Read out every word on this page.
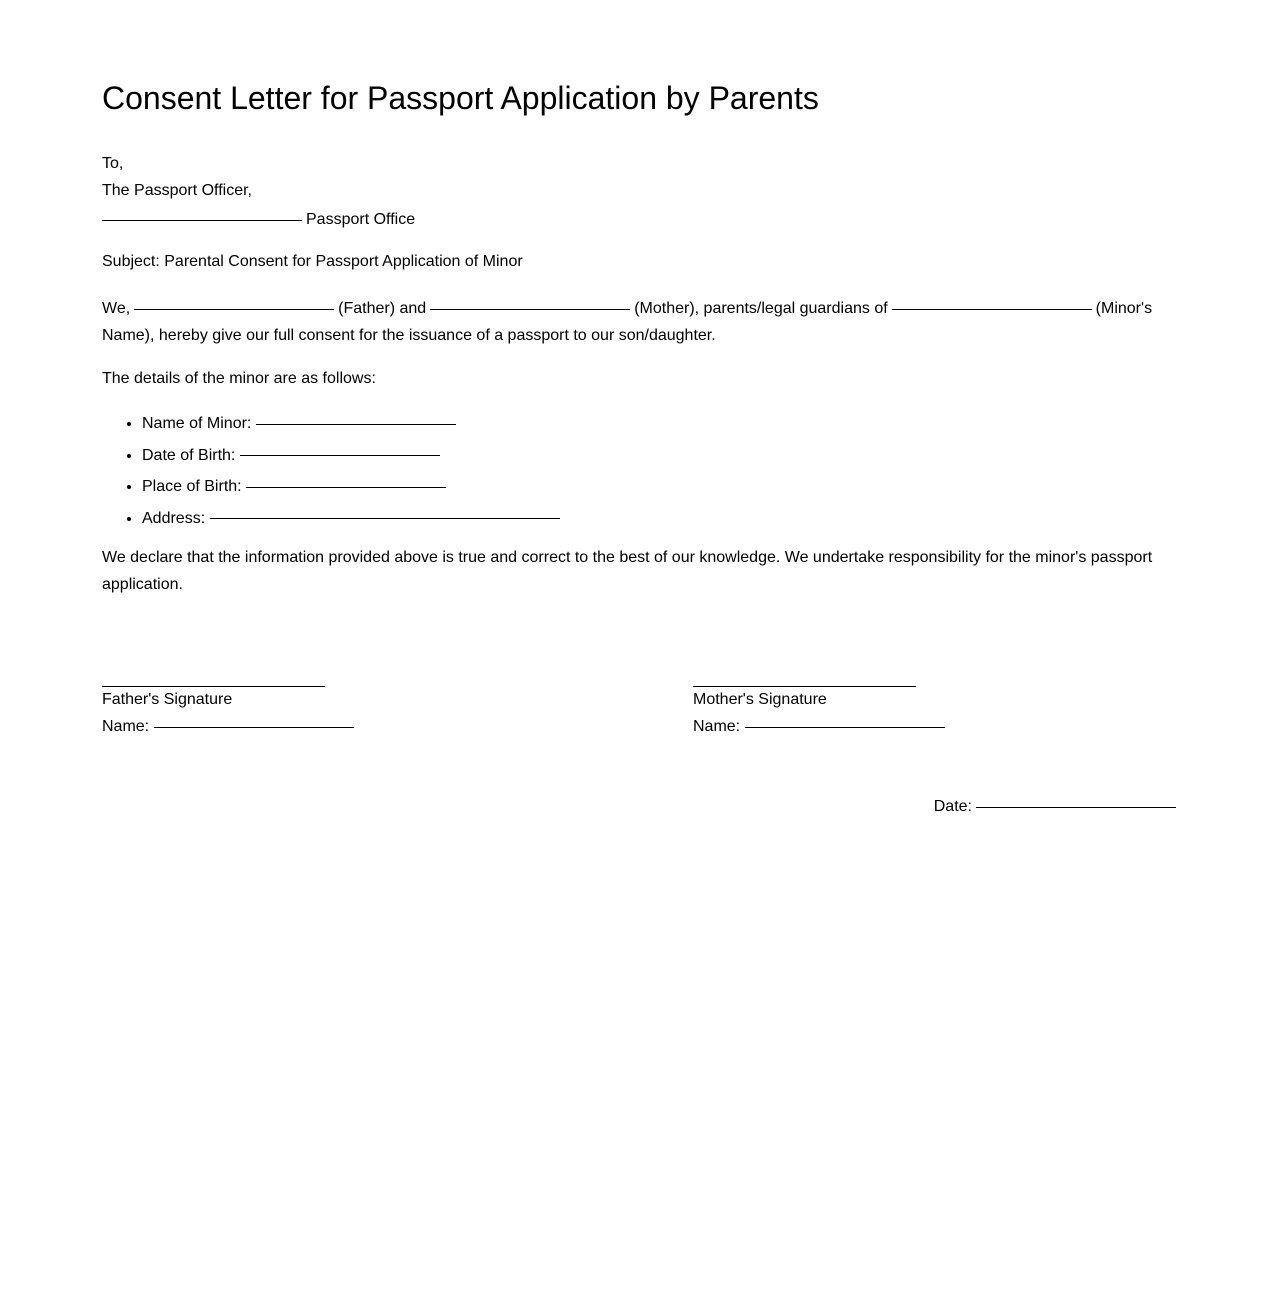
Consent Letter for Passport Application by Parents
To,
The Passport Officer,
Passport Office
Subject: Parental Consent for Passport Application of Minor
We,	(Father) and	(Mother), parents/legal guardians of	(Minor's Name), hereby give our full consent for the issuance of a passport to our son/daughter.
The details of the minor are as follows:
• Name of Minor:
• Date of Birth:
• Place of Birth:
• Address:
We declare that the information provided above is true and correct to the best of our knowledge. We undertake responsibility for the minor's passport application.
Father's Signature
Name:
Mother's Signature
Name:
Date:
